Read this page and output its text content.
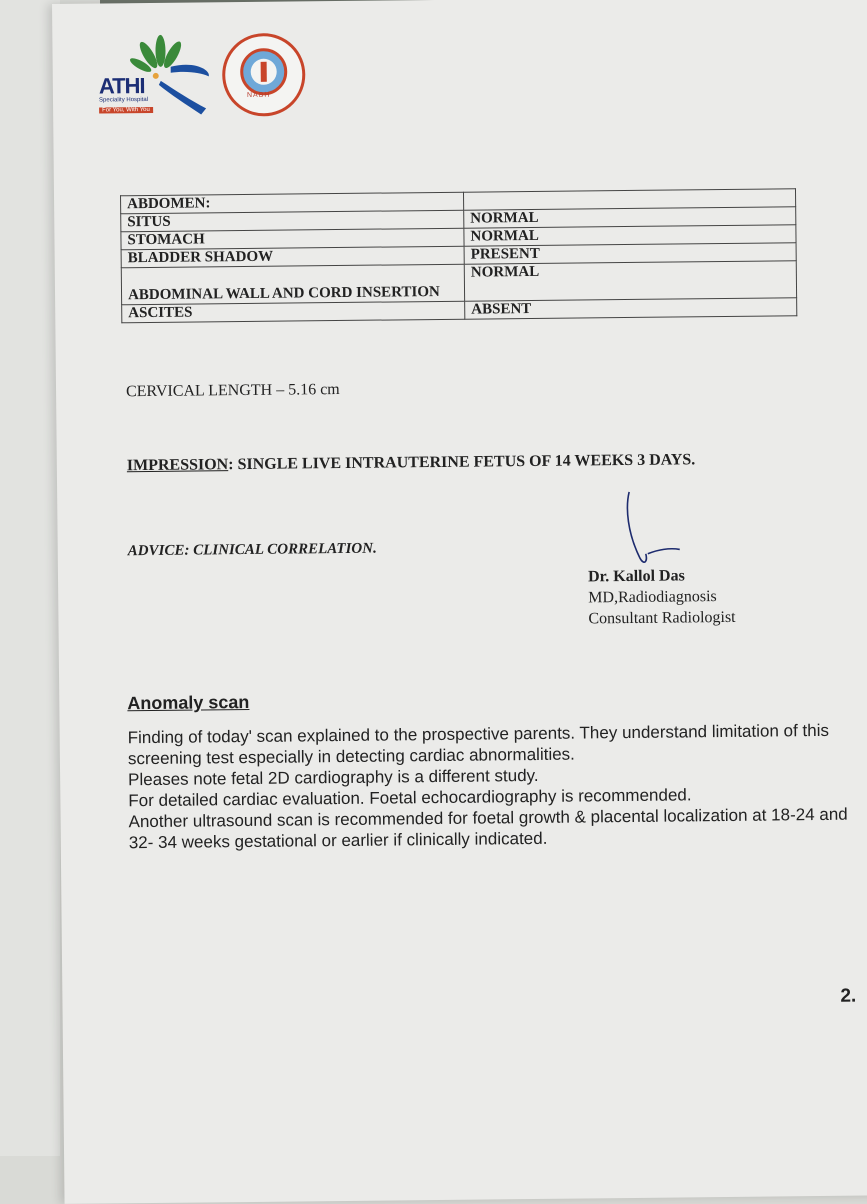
ATHI
Speciality Hospital
For You, With You
NABH
ABDOMEN:	
SITUS	NORMAL
STOMACH	NORMAL
BLADDER SHADOW	PRESENT
ABDOMINAL WALL AND CORD INSERTION	NORMAL
ASCITES	ABSENT
CERVICAL LENGTH – 5.16 cm
IMPRESSION: SINGLE LIVE INTRAUTERINE FETUS OF 14 WEEKS 3 DAYS.
ADVICE: CLINICAL CORRELATION.
Dr. Kallol Das
MD,Radiodiagnosis
Consultant Radiologist
Anomaly scan

Finding of today' scan explained to the prospective parents. They understand limitation of this screening test especially in detecting cardiac abnormalities.

Pleases note fetal 2D cardiography is a different study.

For detailed cardiac evaluation. Foetal echocardiography is recommended.

Another ultrasound scan is recommended for foetal growth & placental localization at 18-24 and 32- 34 weeks gestational or earlier if clinically indicated.

2.
